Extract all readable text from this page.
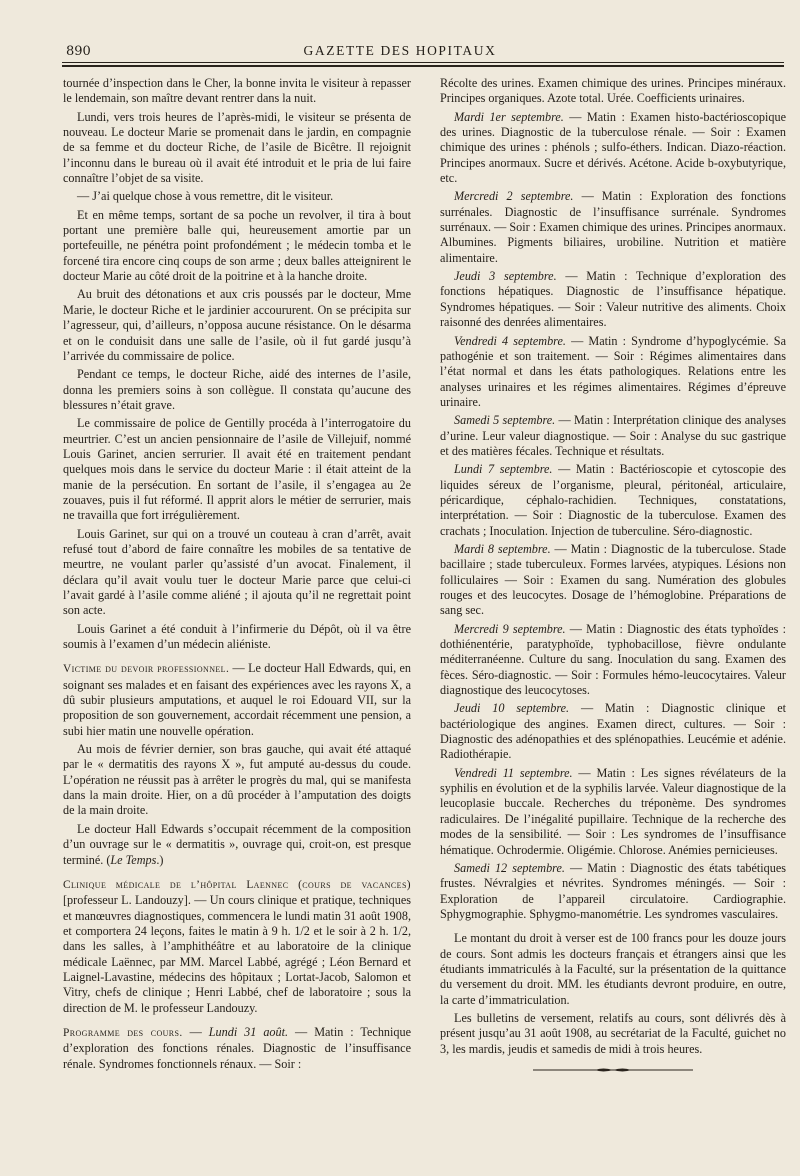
890	GAZETTE DES HOPITAUX

tournée d’inspection dans le Cher, la bonne invita le visiteur à repasser le lendemain, son maître devant rentrer dans la nuit.

Lundi, vers trois heures de l’après-midi, le visiteur se présenta de nouveau. Le docteur Marie se promenait dans le jardin, en compagnie de sa femme et du docteur Riche, de l’asile de Bicêtre. Il rejoignit l’inconnu dans le bureau où il avait été introduit et le pria de lui faire connaître l’objet de sa visite.

— J’ai quelque chose à vous remettre, dit le visiteur.

Et en même temps, sortant de sa poche un revolver, il tira à bout portant une première balle qui, heureusement amortie par un portefeuille, ne pénétra point profondément ; le médecin tomba et le forcené tira encore cinq coups de son arme ; deux balles atteignirent le docteur Marie au côté droit de la poitrine et à la hanche droite.

Au bruit des détonations et aux cris poussés par le docteur, Mme Marie, le docteur Riche et le jardinier accoururent. On se précipita sur l’agresseur, qui, d’ailleurs, n’opposa aucune résistance. On le désarma et on le conduisit dans une salle de l’asile, où il fut gardé jusqu’à l’arrivée du commissaire de police.

Pendant ce temps, le docteur Riche, aidé des internes de l’asile, donna les premiers soins à son collègue. Il constata qu’aucune des blessures n’était grave.

Le commissaire de police de Gentilly procéda à l’interrogatoire du meurtrier. C’est un ancien pensionnaire de l’asile de Villejuif, nommé Louis Garinet, ancien serrurier. Il avait été en traitement pendant quelques mois dans le service du docteur Marie : il était atteint de la manie de la persécution. En sortant de l’asile, il s’engagea au 2e zouaves, puis il fut réformé. Il apprit alors le métier de serrurier, mais ne travailla que fort irrégulièrement.

Louis Garinet, sur qui on a trouvé un couteau à cran d’arrêt, avait refusé tout d’abord de faire connaître les mobiles de sa tentative de meurtre, ne voulant parler qu’assisté d’un avocat. Finalement, il déclara qu’il avait voulu tuer le docteur Marie parce que celui-ci l’avait gardé à l’asile comme aliéné ; il ajouta qu’il ne regrettait point son acte.

Louis Garinet a été conduit à l’infirmerie du Dépôt, où il va être soumis à l’examen d’un médecin aliéniste.

Victime du devoir professionnel. — Le docteur Hall Edwards, qui, en soignant ses malades et en faisant des expériences avec les rayons X, a dû subir plusieurs amputations, et auquel le roi Edouard VII, sur la proposition de son gouvernement, accordait récemment une pension, a subi hier matin une nouvelle opération.

Au mois de février dernier, son bras gauche, qui avait été attaqué par le « dermatitis des rayons X », fut amputé au-dessus du coude. L’opération ne réussit pas à arrêter le progrès du mal, qui se manifesta dans la main droite. Hier, on a dû procéder à l’amputation des doigts de la main droite.

Le docteur Hall Edwards s’occupait récemment de la composition d’un ouvrage sur le « dermatitis », ouvrage qui, croit-on, est presque terminé. (Le Temps.)

Clinique médicale de l’hôpital Laennec (cours de vacances) [professeur L. Landouzy]. — Un cours clinique et pratique, techniques et manœuvres diagnostiques, commencera le lundi matin 31 août 1908, et comportera 24 leçons, faites le matin à 9 h. 1/2 et le soir à 2 h. 1/2, dans les salles, à l’amphithéâtre et au laboratoire de la clinique médicale Laënnec, par MM. Marcel Labbé, agrégé ; Léon Bernard et Laignel-Lavastine, médecins des hôpitaux ; Lortat-Jacob, Salomon et Vitry, chefs de clinique ; Henri Labbé, chef de laboratoire ; sous la direction de M. le professeur Landouzy.

Programme des cours. — Lundi 31 août. — Matin : Technique d’exploration des fonctions rénales. Diagnostic de l’insuffisance rénale. Syndromes fonctionnels rénaux. — Soir :

Récolte des urines. Examen chimique des urines. Principes minéraux. Principes organiques. Azote total. Urée. Coefficients urinaires.

Mardi 1er septembre. — Matin : Examen histo-bactérioscopique des urines. Diagnostic de la tuberculose rénale. — Soir : Examen chimique des urines : phénols ; sulfo-éthers. Indican. Diazo-réaction. Principes anormaux. Sucre et dérivés. Acétone. Acide b-oxybutyrique, etc.

Mercredi 2 septembre. — Matin : Exploration des fonctions surrénales. Diagnostic de l’insuffisance surrénale. Syndromes surrénaux. — Soir : Examen chimique des urines. Principes anormaux. Albumines. Pigments biliaires, urobiline. Nutrition et matière alimentaire.

Jeudi 3 septembre. — Matin : Technique d’exploration des fonctions hépatiques. Diagnostic de l’insuffisance hépatique. Syndromes hépatiques. — Soir : Valeur nutritive des aliments. Choix raisonné des denrées alimentaires.

Vendredi 4 septembre. — Matin : Syndrome d’hypoglycémie. Sa pathogénie et son traitement. — Soir : Régimes alimentaires dans l’état normal et dans les états pathologiques. Relations entre les analyses urinaires et les régimes alimentaires. Régimes d’épreuve urinaire.

Samedi 5 septembre. — Matin : Interprétation clinique des analyses d’urine. Leur valeur diagnostique. — Soir : Analyse du suc gastrique et des matières fécales. Technique et résultats.

Lundi 7 septembre. — Matin : Bactérioscopie et cytoscopie des liquides séreux de l’organisme, pleural, péritonéal, articulaire, péricardique, céphalo-rachidien. Techniques, constatations, interprétation. — Soir : Diagnostic de la tuberculose. Examen des crachats ; Inoculation. Injection de tuberculine. Séro-diagnostic.

Mardi 8 septembre. — Matin : Diagnostic de la tuberculose. Stade bacillaire ; stade tuberculeux. Formes larvées, atypiques. Lésions non folliculaires — Soir : Examen du sang. Numération des globules rouges et des leucocytes. Dosage de l’hémoglobine. Préparations de sang sec.

Mercredi 9 septembre. — Matin : Diagnostic des états typhoïdes : dothiénentérie, paratyphoïde, typhobacillose, fièvre ondulante méditerranéenne. Culture du sang. Inoculation du sang. Examen des fèces. Séro-diagnostic. — Soir : Formules hémo-leucocytaires. Valeur diagnostique des leucocytoses.

Jeudi 10 septembre. — Matin : Diagnostic clinique et bactériologique des angines. Examen direct, cultures. — Soir : Diagnostic des adénopathies et des splénopathies. Leucémie et adénie. Radiothérapie.

Vendredi 11 septembre. — Matin : Les signes révélateurs de la syphilis en évolution et de la syphilis larvée. Valeur diagnostique de la leucoplasie buccale. Recherches du tréponème. Des syndromes radiculaires. De l’inégalité pupillaire. Technique de la recherche des modes de la sensibilité. — Soir : Les syndromes de l’insuffisance hématique. Ochrodermie. Oligémie. Chlorose. Anémies pernicieuses.

Samedi 12 septembre. — Matin : Diagnostic des états tabétiques frustes. Névralgies et névrites. Syndromes méningés. — Soir : Exploration de l’appareil circulatoire. Cardiographie. Sphygmographie. Sphygmo-manométrie. Les syndromes vasculaires.

Le montant du droit à verser est de 100 francs pour les douze jours de cours. Sont admis les docteurs français et étrangers ainsi que les étudiants immatriculés à la Faculté, sur la présentation de la quittance du versement du droit. MM. les étudiants devront produire, en outre, la carte d’immatriculation.

Les bulletins de versement, relatifs au cours, sont délivrés dès à présent jusqu’au 31 août 1908, au secrétariat de la Faculté, guichet no 3, les mardis, jeudis et samedis de midi à trois heures.
